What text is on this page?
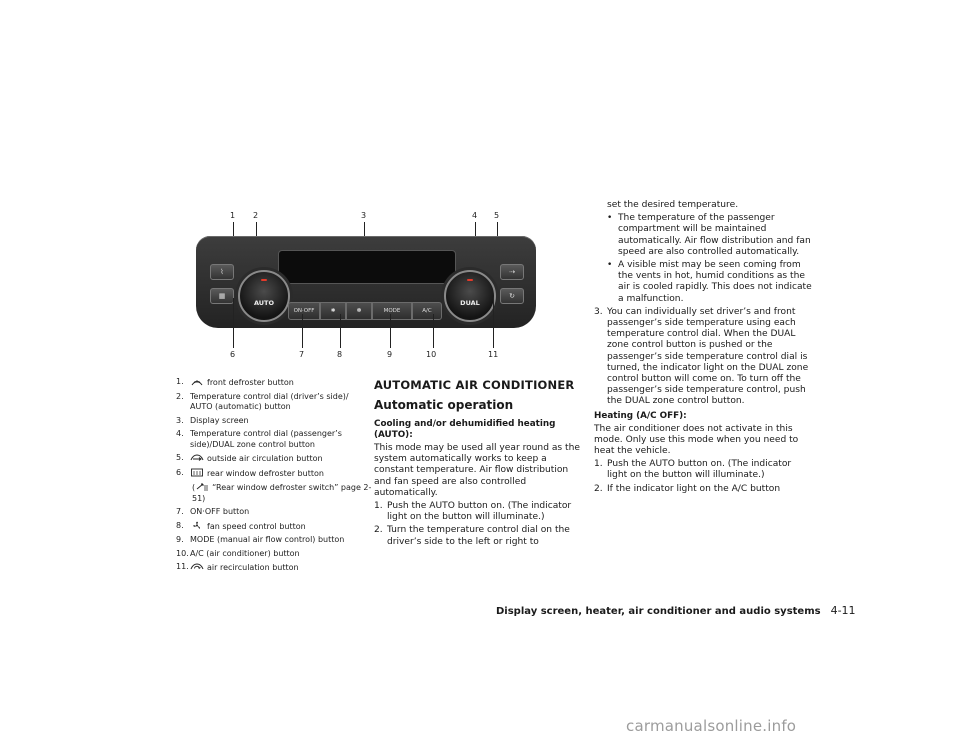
1 2	3	4 5
⌇
▦
⇢
↻
AUTO	DUAL
ON·OFF	✱	✽	MODE	A/C
6	7	8	9	10	11
1.	front defroster button
2. Temperature control dial (driver’s side)/ AUTO (automatic) button
3. Display screen
4. Temperature control dial (passenger’s side)/DUAL zone control button
5.	outside air circulation button
6.	rear window defroster button
( “Rear window defroster switch” page 2-51)
7. ON·OFF button
8.	fan speed control button
9. MODE (manual air flow control) button
10. A/C (air conditioner) button
11. air recirculation button
AUTOMATIC AIR CONDITIONER
Automatic operation
Cooling and/or dehumidified heating (AUTO):
This mode may be used all year round as the system automatically works to keep a constant temperature. Air flow distribution and fan speed are also controlled automatically.
1. Push the AUTO button on. (The indicator light on the button will illuminate.)
2. Turn the temperature control dial on the driver’s side to the left or right to
set the desired temperature.
• The temperature of the passenger compartment will be maintained automatically. Air flow distribution and fan speed are also controlled automatically.
• A visible mist may be seen coming from the vents in hot, humid conditions as the air is cooled rapidly. This does not indicate a malfunction.
3. You can individually set driver’s and front passenger’s side temperature using each temperature control dial. When the DUAL zone control button is pushed or the passenger’s side temperature control dial is turned, the indicator light on the DUAL zone control button will come on. To turn off the passenger’s side temperature control, push the DUAL zone control button.
Heating (A/C OFF):
The air conditioner does not activate in this mode. Only use this mode when you need to heat the vehicle.
1. Push the AUTO button on. (The indicator light on the button will illuminate.)
2. If the indicator light on the A/C button
Display screen, heater, air conditioner and audio systems 4-11
carmanualsonline.info
